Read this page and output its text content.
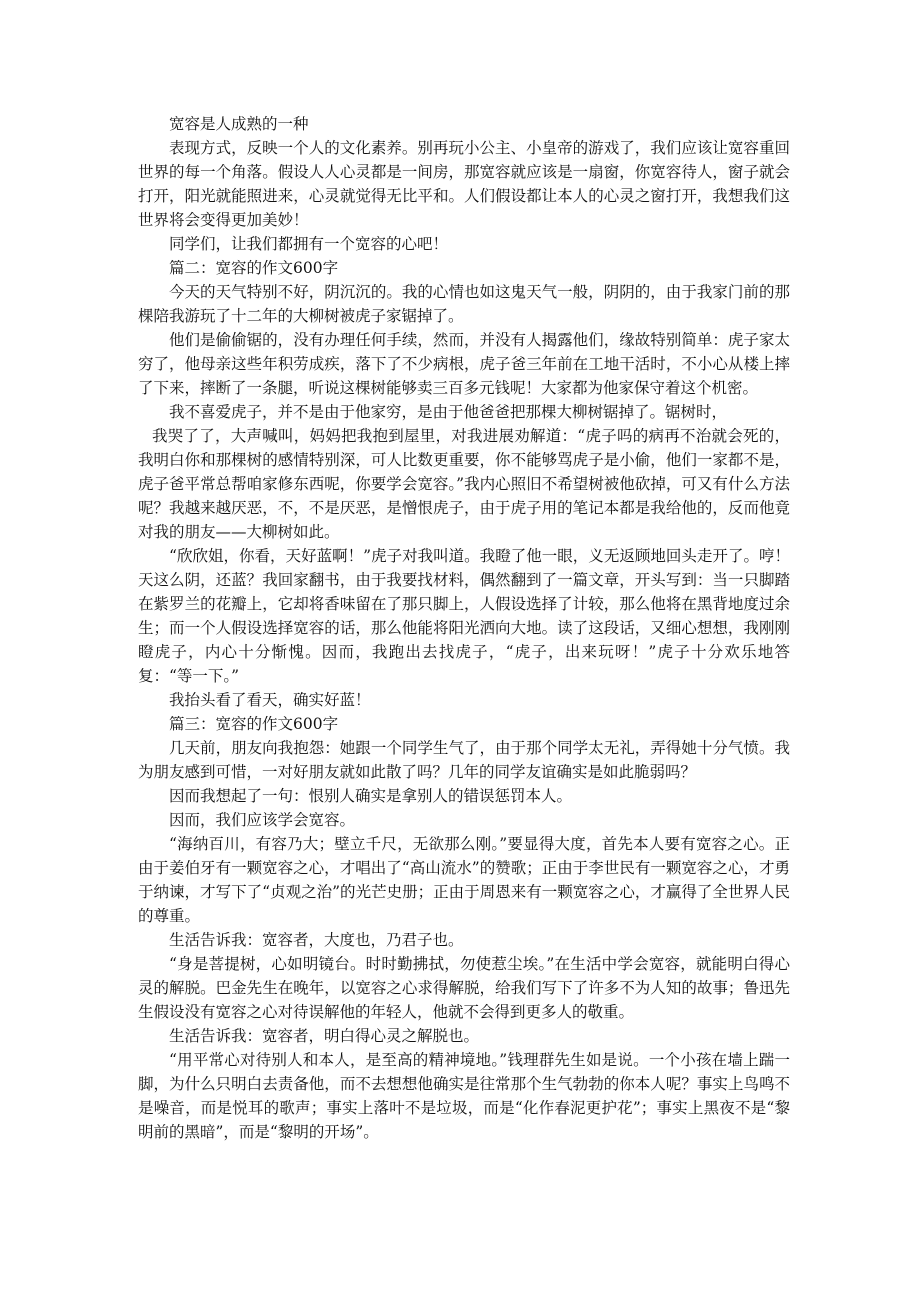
宽容是人成熟的一种

表现方式，反映一个人的文化素养。别再玩小公主、小皇帝的游戏了，我们应该让宽容重回世界的每一个角落。假设人人心灵都是一间房，那宽容就应该是一扇窗，你宽容待人，窗子就会打开，阳光就能照进来，心灵就觉得无比平和。人们假设都让本人的心灵之窗打开，我想我们这世界将会变得更加美妙！

同学们，让我们都拥有一个宽容的心吧！

篇二：宽容的作文600字

今天的天气特别不好，阴沉沉的。我的心情也如这鬼天气一般，阴阴的，由于我家门前的那棵陪我游玩了十二年的大柳树被虎子家锯掉了。

他们是偷偷锯的，没有办理任何手续，然而，并没有人揭露他们，缘故特别简单：虎子家太穷了，他母亲这些年积劳成疾，落下了不少病根，虎子爸三年前在工地干活时，不小心从楼上摔了下来，摔断了一条腿，听说这棵树能够卖三百多元钱呢！大家都为他家保守着这个机密。

我不喜爱虎子，并不是由于他家穷，是由于他爸爸把那棵大柳树锯掉了。锯树时，

我哭了了，大声喊叫，妈妈把我抱到屋里，对我进展劝解道：“虎子吗的病再不治就会死的，我明白你和那棵树的感情特别深，可人比数更重要，你不能够骂虎子是小偷，他们一家都不是，虎子爸平常总帮咱家修东西呢，你要学会宽容。”我内心照旧不希望树被他砍掉，可又有什么方法呢？我越来越厌恶，不，不是厌恶，是憎恨虎子，由于虎子用的笔记本都是我给他的，反而他竟对我的朋友——大柳树如此。

“欣欣姐，你看，天好蓝啊！”虎子对我叫道。我瞪了他一眼，义无返顾地回头走开了。哼！天这么阴，还蓝？我回家翻书，由于我要找材料，偶然翻到了一篇文章，开头写到：当一只脚踏在紫罗兰的花瓣上，它却将香味留在了那只脚上，人假设选择了计较，那么他将在黑背地度过余生；而一个人假设选择宽容的话，那么他能将阳光洒向大地。读了这段话，又细心想想，我刚刚瞪虎子，内心十分惭愧。因而，我跑出去找虎子，“虎子，出来玩呀！”虎子十分欢乐地答复：“等一下。”

我抬头看了看天，确实好蓝！

篇三：宽容的作文600字

几天前，朋友向我抱怨：她跟一个同学生气了，由于那个同学太无礼，弄得她十分气愤。我为朋友感到可惜，一对好朋友就如此散了吗？几年的同学友谊确实是如此脆弱吗？

因而我想起了一句：恨别人确实是拿别人的错误惩罚本人。

因而，我们应该学会宽容。

“海纳百川，有容乃大；壁立千尺，无欲那么刚。”要显得大度，首先本人要有宽容之心。正由于姜伯牙有一颗宽容之心，才唱出了“高山流水”的赞歌；正由于李世民有一颗宽容之心，才勇于纳谏，才写下了“贞观之治”的光芒史册；正由于周恩来有一颗宽容之心，才赢得了全世界人民的尊重。

生活告诉我：宽容者，大度也，乃君子也。

“身是菩提树，心如明镜台。时时勤拂拭，勿使惹尘埃。”在生活中学会宽容，就能明白得心灵的解脱。巴金先生在晚年，以宽容之心求得解脱，给我们写下了许多不为人知的故事；鲁迅先生假设没有宽容之心对待误解他的年轻人，他就不会得到更多人的敬重。

生活告诉我：宽容者，明白得心灵之解脱也。

“用平常心对待别人和本人，是至高的精神境地。”钱理群先生如是说。一个小孩在墙上踹一脚，为什么只明白去责备他，而不去想想他确实是往常那个生气勃勃的你本人呢？事实上鸟鸣不是噪音，而是悦耳的歌声；事实上落叶不是垃圾，而是“化作春泥更护花”；事实上黑夜不是“黎明前的黑暗”，而是“黎明的开场”。
